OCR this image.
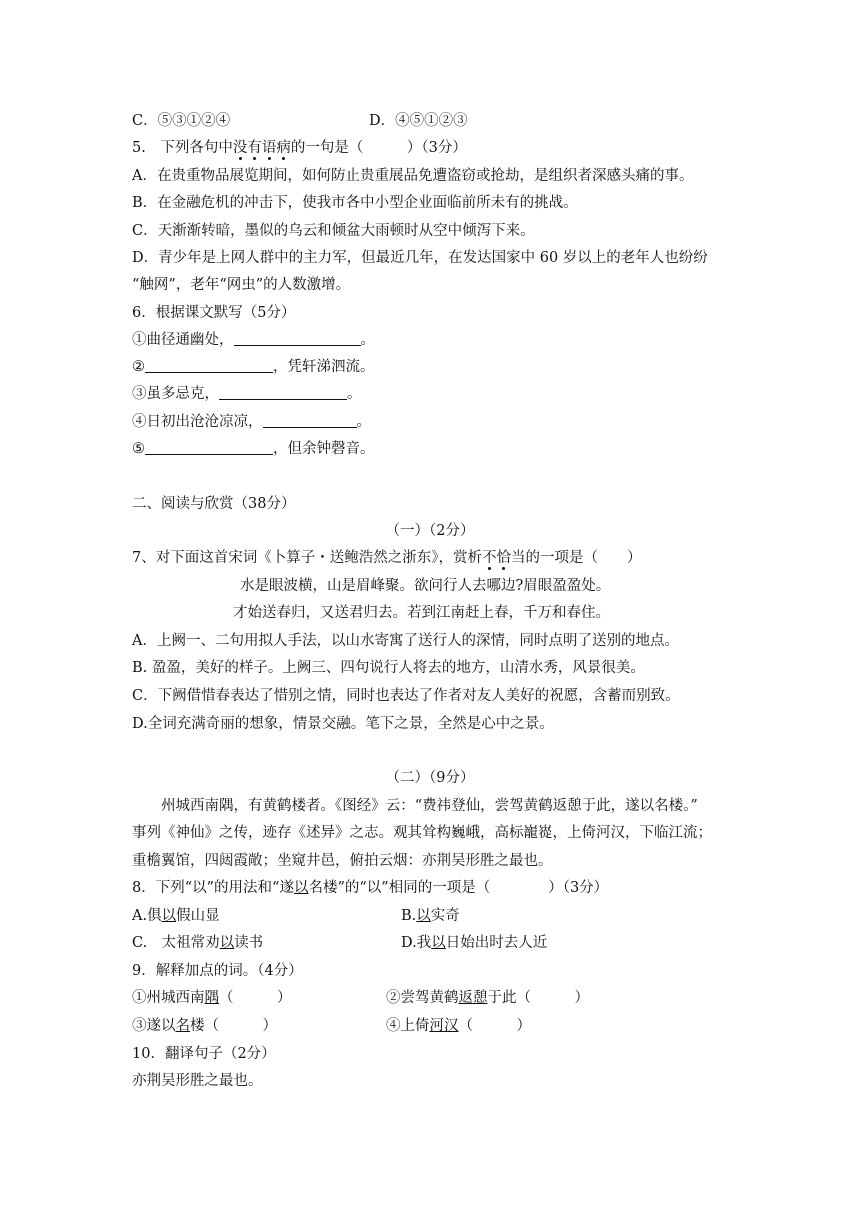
C．⑤③①②④	D．④⑤①②③
5.　下列各句中没有语病的一句是（　　　）（3分）
A．在贵重物品展览期间，如何防止贵重展品免遭盗窃或抢劫，是组织者深感头痛的事。
B．在金融危机的冲击下，使我市各中小型企业面临前所未有的挑战。
C．天渐渐转暗，墨似的乌云和倾盆大雨顿时从空中倾泻下来。
D．青少年是上网人群中的主力军，但最近几年，在发达国家中 60 岁以上的老年人也纷纷
“触网”，老年“网虫”的人数激增。
6．根据课文默写（5分）
①曲径通幽处，	。
②	，凭轩涕泗流。
③虽多忌克，	。
④日初出沧沧凉凉，	。
⑤	，但余钟磬音。
二、阅读与欣赏（38分）
（一）（2分）
7、对下面这首宋词《卜算子・送鲍浩然之浙东》，赏析不恰当的一项是（　　）
水是眼波横，山是眉峰聚。欲问行人去哪边?眉眼盈盈处。
才始送春归，又送君归去。若到江南赶上春，千万和春住。
A．上阙一、二句用拟人手法，以山水寄寓了送行人的深情，同时点明了送别的地点。
B. 盈盈，美好的样子。上阙三、四句说行人将去的地方，山清水秀，风景很美。
C．下阙借惜春表达了惜别之情，同时也表达了作者对友人美好的祝愿，含蓄而别致。
D.全词充满奇丽的想象，情景交融。笔下之景，全然是心中之景。
（二）（9分）
州城西南隅，有黄鹤楼者。《图经》云：“费祎登仙，尝驾黄鹤返憩于此，遂以名楼。”
事列《神仙》之传，迹存《述异》之志。观其耸构巍峨，高标巃嵸，上倚河汉，下临江流；
重檐翼馆，四闼霞敞；坐窥井邑，俯拍云烟：亦荆吴形胜之最也。
8．下列“以”的用法和“遂以名楼”的“以”相同的一项是（　　　　）（3分）
A.俱以假山显	B.以实奇
C.　太祖常劝以读书	D.我以日始出时去人近
9．解释加点的词。（4分）
①州城西南隅（　　　）	②尝驾黄鹤返憩于此（　　　）
③遂以名楼（　　　）	④上倚河汉（　　　）
10．翻译句子（2分）
亦荆吴形胜之最也。
